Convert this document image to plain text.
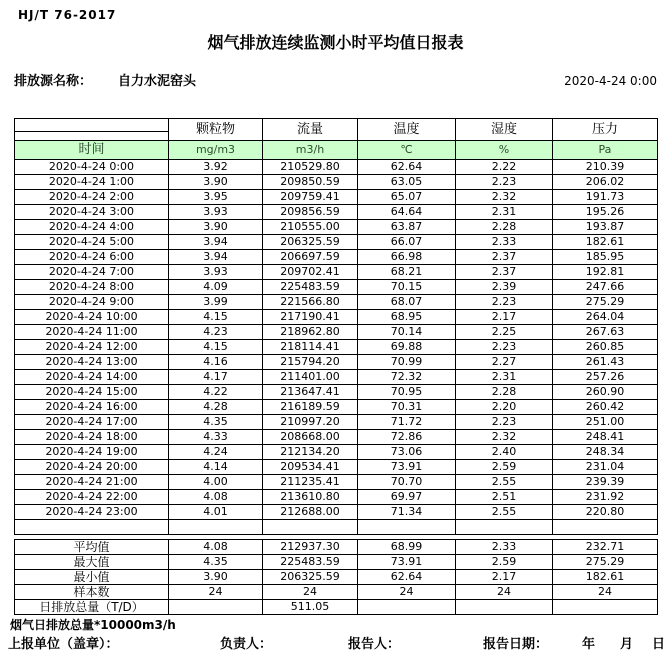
HJ/T 76-2017
烟气排放连续监测小时平均值日报表
排放源名称： 自力水泥窑头	2020-4-24 0:00
	颗粒物	流量	温度	湿度	压力

时间	mg/m3	m3/h	℃	%	Pa
2020-4-24 0:00	3.92	210529.80	62.64	2.22	210.39
2020-4-24 1:00	3.90	209850.59	63.05	2.23	206.02
2020-4-24 2:00	3.95	209759.41	65.07	2.32	191.73
2020-4-24 3:00	3.93	209856.59	64.64	2.31	195.26
2020-4-24 4:00	3.90	210555.00	63.87	2.28	193.87
2020-4-24 5:00	3.94	206325.59	66.07	2.33	182.61
2020-4-24 6:00	3.94	206697.59	66.98	2.37	185.95
2020-4-24 7:00	3.93	209702.41	68.21	2.37	192.81
2020-4-24 8:00	4.09	225483.59	70.15	2.39	247.66
2020-4-24 9:00	3.99	221566.80	68.07	2.23	275.29
2020-4-24 10:00	4.15	217190.41	68.95	2.17	264.04
2020-4-24 11:00	4.23	218962.80	70.14	2.25	267.63
2020-4-24 12:00	4.15	218114.41	69.88	2.23	260.85
2020-4-24 13:00	4.16	215794.20	70.99	2.27	261.43
2020-4-24 14:00	4.17	211401.00	72.32	2.31	257.26
2020-4-24 15:00	4.22	213647.41	70.95	2.28	260.90
2020-4-24 16:00	4.28	216189.59	70.31	2.20	260.42
2020-4-24 17:00	4.35	210997.20	71.72	2.23	251.00
2020-4-24 18:00	4.33	208668.00	72.86	2.32	248.41
2020-4-24 19:00	4.24	212134.20	73.06	2.40	248.34
2020-4-24 20:00	4.14	209534.41	73.91	2.59	231.04
2020-4-24 21:00	4.00	211235.41	70.70	2.55	239.39
2020-4-24 22:00	4.08	213610.80	69.97	2.51	231.92
2020-4-24 23:00	4.01	212688.00	71.34	2.55	220.80

平均值	4.08	212937.30	68.99	2.33	232.71
最大值	4.35	225483.59	73.91	2.59	275.29
最小值	3.90	206325.59	62.64	2.17	182.61
样本数	24	24	24	24	24
日排放总量（T/D）		511.05			
烟气日排放总量*10000m3/h
上报单位（盖章）：	负责人：	报告人：	报告日期：	年 月 日
